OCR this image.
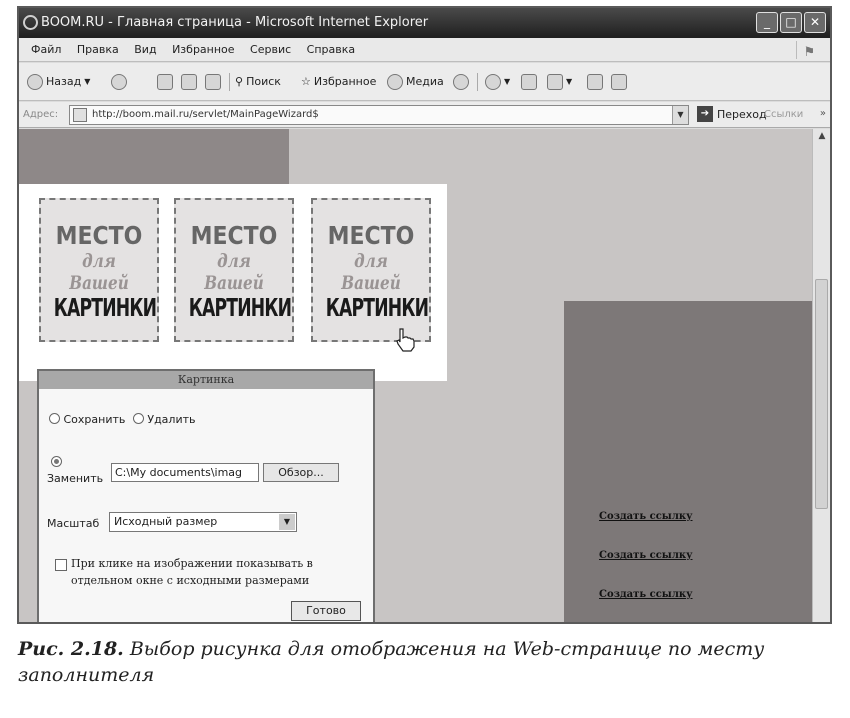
BOOM.RU - Главная страница - Microsoft Internet Explorer	_	□	✕
Файл Правка Вид Избранное Сервис Справка	⚑
Назад ▼	⚲ Поиск ☆ Избранное	Медиа	▼	▼
Адрес:	http://boom.mail.ru/servlet/MainPageWizard$	▼	➔ Переход
Ссылки »
МЕСТО
для Вашей
КАРТИНКИ
МЕСТО
для Вашей
КАРТИНКИ
МЕСТО
для Вашей
КАРТИНКИ
Картинка
Сохранить Удалить
Заменить	C:\My documents\imag	Обзор...
Масштаб	Исходный размер	▼
При клике на изображении показывать в
отдельном окне с исходными размерами
Готово
Создать ссылку
Создать ссылку
Создать ссылку
▲
Рис. 2.18. Выбор рисунка для отображения на Web-странице по месту заполнителя
